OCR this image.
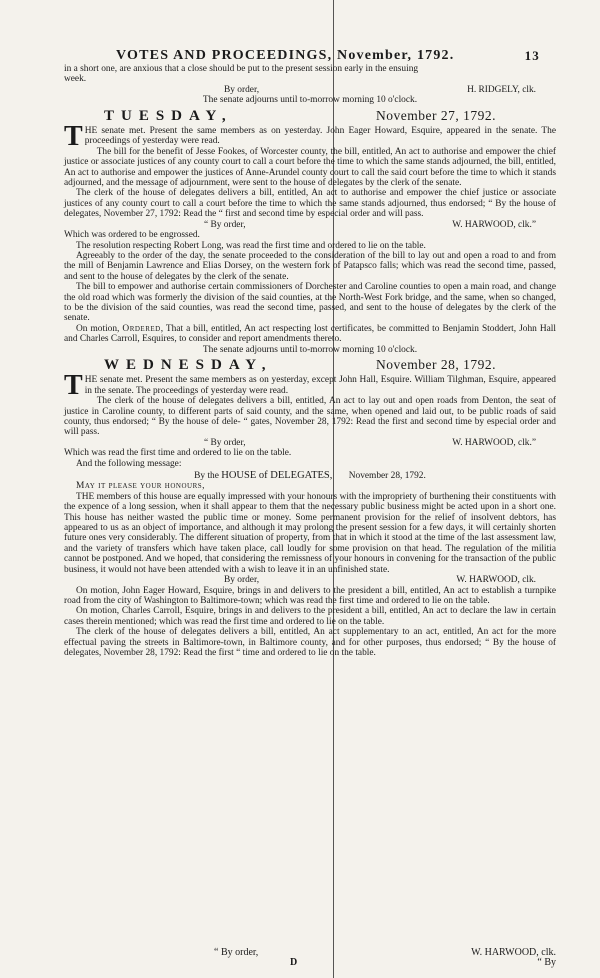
VOTES AND PROCEEDINGS, November, 1792.	13

in a short one, are anxious that a close should be put to the present session early in the ensuing

week.

By order,	H. RIDGELY, clk.

The senate adjourns until to-morrow morning 10 o'clock.

TUESDAY,	November 27, 1792.

THE senate met. Present the same members as on yesterday. John Eager Howard, Esquire, appeared in the senate. The proceedings of yesterday were read.

The bill for the benefit of Jesse Fookes, of Worcester county, the bill, entitled, An act to authorise and empower the chief justice or associate justices of any county court to call a court before the time to which the same stands adjourned, the bill, entitled, An act to authorise and empower the justices of Anne-Arundel county court to call the said court before the time to which it stands adjourned, and the message of adjournment, were sent to the house of delegates by the clerk of the senate.

The clerk of the house of delegates delivers a bill, entitled, An act to authorise and empower the chief justice or associate justices of any county court to call a court before the time to which the same stands adjourned, thus endorsed; “ By the house of delegates, November 27, 1792: Read the “ first and second time by especial order and will pass.

“ By order,	W. HARWOOD, clk.”

Which was ordered to be engrossed.

The resolution respecting Robert Long, was read the first time and ordered to lie on the table.

Agreeably to the order of the day, the senate proceeded to the consideration of the bill to lay out and open a road to and from the mill of Benjamin Lawrence and Elias Dorsey, on the western fork of Patapsco falls; which was read the second time, passed, and sent to the house of delegates by the clerk of the senate.

The bill to empower and authorise certain commissioners of Dorchester and Caroline counties to open a main road, and change the old road which was formerly the division of the said counties, at the North-West Fork bridge, and the same, when so changed, to be the division of the said counties, was read the second time, passed, and sent to the house of delegates by the clerk of the senate.

On motion, Ordered, That a bill, entitled, An act respecting lost certificates, be committed to Benjamin Stoddert, John Hall and Charles Carroll, Esquires, to consider and report amendments thereto.

The senate adjourns until to-morrow morning 10 o'clock.

WEDNESDAY,	November 28, 1792.

THE senate met. Present the same members as on yesterday, except John Hall, Esquire. William Tilghman, Esquire, appeared in the senate. The proceedings of yesterday were read.

The clerk of the house of delegates delivers a bill, entitled, An act to lay out and open roads from Denton, the seat of justice in Caroline county, to different parts of said county, and the same, when opened and laid out, to be public roads of said county, thus endorsed; “ By the house of dele- “ gates, November 28, 1792: Read the first and second time by especial order and will pass.

“ By order,	W. HARWOOD, clk.”

Which was read the first time and ordered to lie on the table.

And the following message:

By the HOUSE of DELEGATES, November 28, 1792.

May it please your honours,

THE members of this house are equally impressed with your honours with the impropriety of burthening their constituents with the expence of a long session, when it shall appear to them that the necessary public business might be acted upon in a short one. This house has neither wasted the public time or money. Some permanent provision for the relief of insolvent debtors, has appeared to us as an object of importance, and although it may prolong the present session for a few days, it will certainly shorten future ones very considerably. The different situation of property, from that in which it stood at the time of the last assessment law, and the variety of transfers which have taken place, call loudly for some provision on that head. The regulation of the militia cannot be postponed. And we hoped, that considering the remissness of your honours in convening for the transaction of the public business, it would not have been attended with a wish to leave it in an unfinished state.

By order,	W. HARWOOD, clk.

On motion, John Eager Howard, Esquire, brings in and delivers to the president a bill, entitled, An act to establish a turnpike road from the city of Washington to Baltimore-town; which was read the first time and ordered to lie on the table.

On motion, Charles Carroll, Esquire, brings in and delivers to the president a bill, entitled, An act to declare the law in certain cases therein mentioned; which was read the first time and ordered to lie on the table.

The clerk of the house of delegates delivers a bill, entitled, An act supplementary to an act, entitled, An act for the more effectual paving the streets in Baltimore-town, in Baltimore county, and for other purposes, thus endorsed; “ By the house of delegates, November 28, 1792: Read the first “ time and ordered to lie on the table.

“ By order,	W. HARWOOD, clk.
D	“ By
